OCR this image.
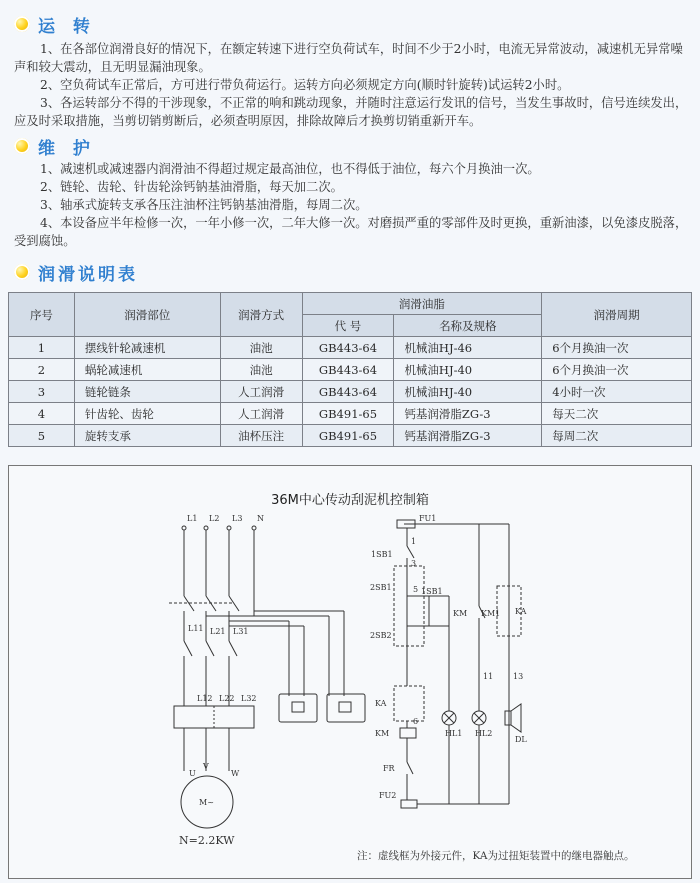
运 转
1、在各部位润滑良好的情况下，在额定转速下进行空负荷试车，时间不少于2小时，电流无异常波动，减速机无异常噪声和较大震动，且无明显漏油现象。
2、空负荷试车正常后，方可进行带负荷运行。运转方向必须规定方向(顺时针旋转)试运转2小时。
3、各运转部分不得的干涉现象，不正常的响和跳动现象，并随时注意运行发讯的信号，当发生事故时，信号连续发出，应及时采取措施，当剪切销剪断后，必须查明原因，排除故障后才换剪切销重新开车。
维 护
1、减速机或减速器内润滑油不得超过规定最高油位，也不得低于油位，每六个月换油一次。
2、链轮、齿轮、针齿轮涂钙钠基油滑脂，每天加二次。
3、轴承式旋转支承各压注油杯注钙钠基油滑脂，每周二次。
4、本设备应半年检修一次，一年小修一次，二年大修一次。对磨损严重的零部件及时更换，重新油漆，以免漆皮脱落，受到腐蚀。
润滑说明表
序号	润滑部位	润滑方式	润滑油脂		润滑周期
			代 号	名称及规格	
1	摆线针轮减速机	油池	GB443-64	机械油HJ-46	6个月换油一次
2	蜗轮减速机	油池	GB443-64	机械油HJ-40	6个月换油一次
3	链轮链条	人工润滑	GB443-64	机械油HJ-40	4小时一次
4	针齿轮、齿轮	人工润滑	GB491-65	钙基润滑脂ZG-3	每天二次
5	旋转支承	油杯压注	GB491-65	钙基润滑脂ZG-3	每周二次
36M中心传动刮泥机控制箱
L1 L2 L3 N
L11 L21 L31
L12 L22 L32
U
V
W
M~
FU1
1
1SB1
3
2SB1
2SB2
5 1SB1
KM KM1
11
KA
13
KA
6
KM
FR
HL1 HL2
DL
FU2
N=2.2KW
注：虚线框为外接元件，KA为过扭矩装置中的继电器触点。
